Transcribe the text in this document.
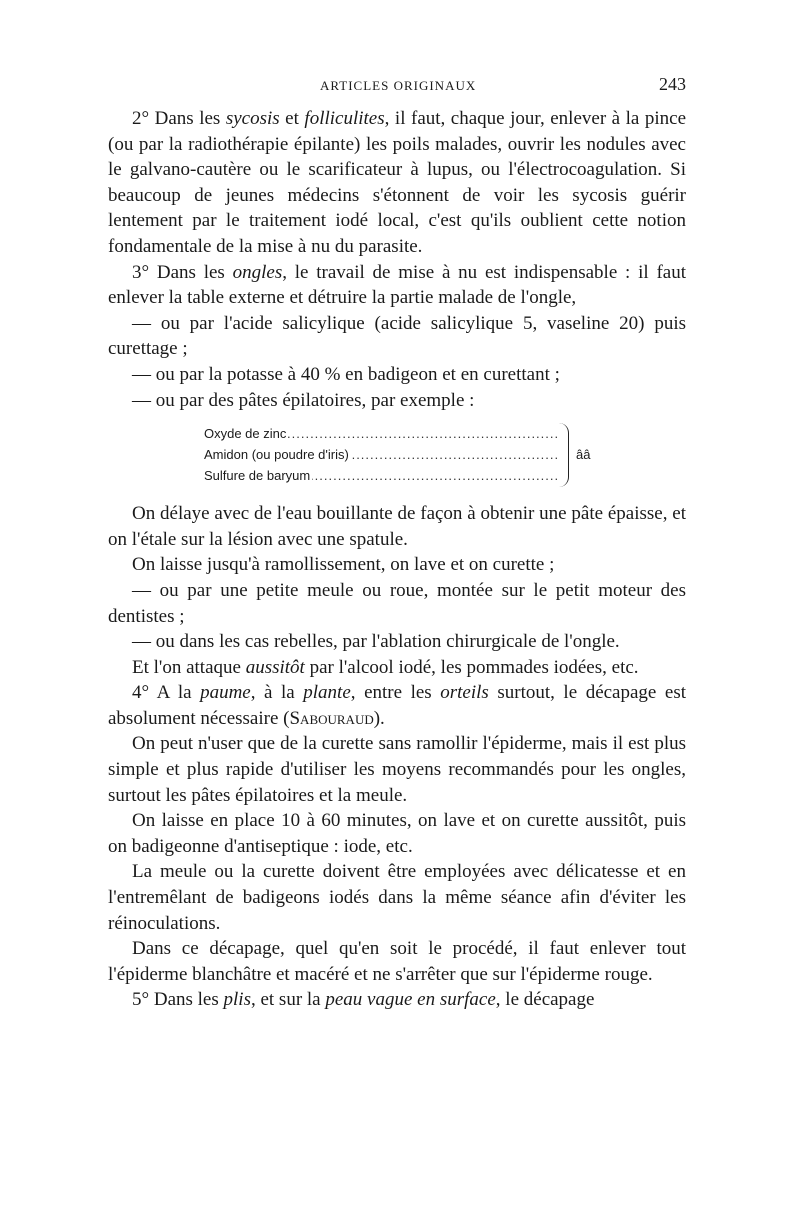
ARTICLES ORIGINAUX	243

2° Dans les sycosis et folliculites, il faut, chaque jour, enlever à la pince (ou par la radiothérapie épilante) les poils malades, ouvrir les nodules avec le galvano-cautère ou le scarificateur à lupus, ou l'électrocoagulation. Si beaucoup de jeunes médecins s'étonnent de voir les sycosis guérir lentement par le traitement iodé local, c'est qu'ils oublient cette notion fondamentale de la mise à nu du parasite.

3° Dans les ongles, le travail de mise à nu est indispensable : il faut enlever la table externe et détruire la partie malade de l'ongle,

— ou par l'acide salicylique (acide salicylique 5, vaseline 20) puis curettage ;

— ou par la potasse à 40 % en badigeon et en curettant ;

— ou par des pâtes épilatoires, par exemple :

Oxyde de zinc .....
Amidon (ou poudre d'iris) .....
Sulfure de baryum .....
ââ

On délaye avec de l'eau bouillante de façon à obtenir une pâte épaisse, et on l'étale sur la lésion avec une spatule.

On laisse jusqu'à ramollissement, on lave et on curette ;

— ou par une petite meule ou roue, montée sur le petit moteur des dentistes ;

— ou dans les cas rebelles, par l'ablation chirurgicale de l'ongle.

Et l'on attaque aussitôt par l'alcool iodé, les pommades iodées, etc.

4° A la paume, à la plante, entre les orteils surtout, le décapage est absolument nécessaire (Sabouraud).

On peut n'user que de la curette sans ramollir l'épiderme, mais il est plus simple et plus rapide d'utiliser les moyens recommandés pour les ongles, surtout les pâtes épilatoires et la meule.

On laisse en place 10 à 60 minutes, on lave et on curette aussitôt, puis on badigeonne d'antiseptique : iode, etc.

La meule ou la curette doivent être employées avec délicatesse et en l'entremêlant de badigeons iodés dans la même séance afin d'éviter les réinoculations.

Dans ce décapage, quel qu'en soit le procédé, il faut enlever tout l'épiderme blanchâtre et macéré et ne s'arrêter que sur l'épiderme rouge.

5° Dans les plis, et sur la peau vague en surface, le décapage
